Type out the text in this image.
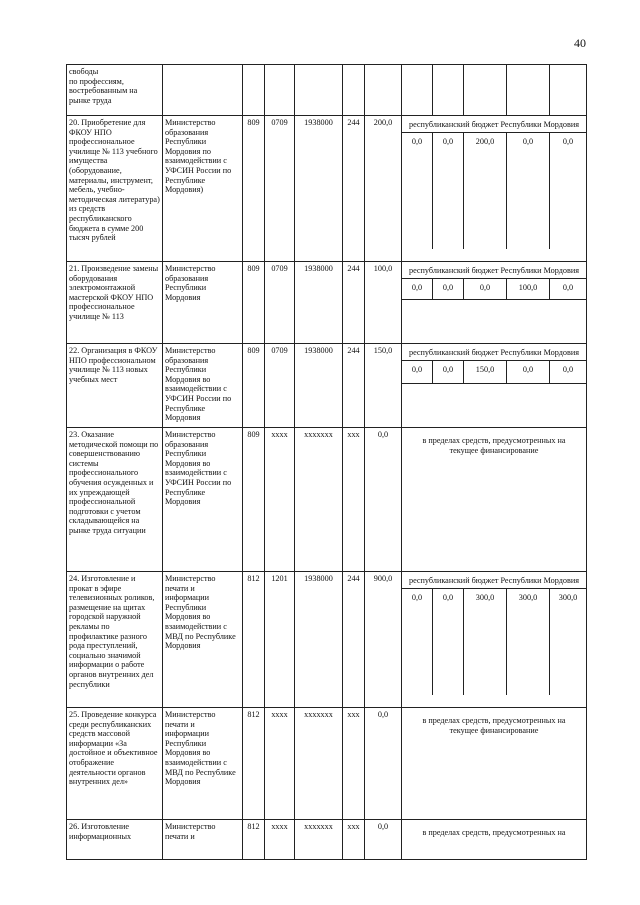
40
свободы
по профессиям,
востребованным на
рынке труда							

20. Приобретение для ФКОУ НПО профессиональное училище № 113 учебного имущества (оборудование, материалы, инструмент, мебель, учебно-методическая литература) из средств республиканского бюджета в сумме 200 тысяч рублей	Министерство образования Республики Мордовия по взаимодействии с УФСИН России по Республике Мордовия)	809	0709	1938000	244	200,0	республиканский бюджет Республики Мордовия
0,0	0,0	200,0	0,0	0,0

21. Произведение замены оборудования электромонтажной мастерской ФКОУ НПО профессиональное училище № 113	Министерство образования Республики Мордовия	809	0709	1938000	244	100,0	республиканский бюджет Республики Мордовия
0,0	0,0	0,0	100,0	0,0

22. Организация в ФКОУ НПО профессиональном училище № 113 новых учебных мест	Министерство образования Республики Мордовия во взаимодействии с УФСИН России по Республике Мордовия	809	0709	1938000	244	150,0	республиканский бюджет Республики Мордовия
0,0	0,0	150,0	0,0	0,0

23. Оказание методической помощи по совершенствованию системы профессионального обучения осужденных и их упреждающей профессиональной подготовки с учетом складывающейся на рынке труда ситуации	Министерство образования Республики Мордовия во взаимодействии с УФСИН России по Республике Мордовия	809	хххх	ххххххх	ххх	0,0	
в пределах средств, предусмотренных на текущее финансирование

24. Изготовление и прокат в эфире телевизионных роликов, размещение на щитах городской наружной рекламы по профилактике разного рода преступлений, социально значимой информации о работе органов внутренних дел республики	Министерство печати и информации Республики Мордовия во взаимодействии с МВД по Республике Мордовия	812	1201	1938000	244	900,0	республиканский бюджет Республики Мордовия
0,0	0,0	300,0	300,0	300,0

25. Проведение конкурса среди республиканских средств массовой информации «За достойное и объективное отображение деятельности органов внутренних дел»	Министерство печати и информации Республики Мордовия во взаимодействии с МВД по Республике Мордовия	812	хххх	ххххххх	ххх	0,0	
в пределах средств, предусмотренных на текущее финансирование

26. Изготовление информационных	Министерство печати и	812	хххх	ххххххх	ххх	0,0	
в пределах средств, предусмотренных на
